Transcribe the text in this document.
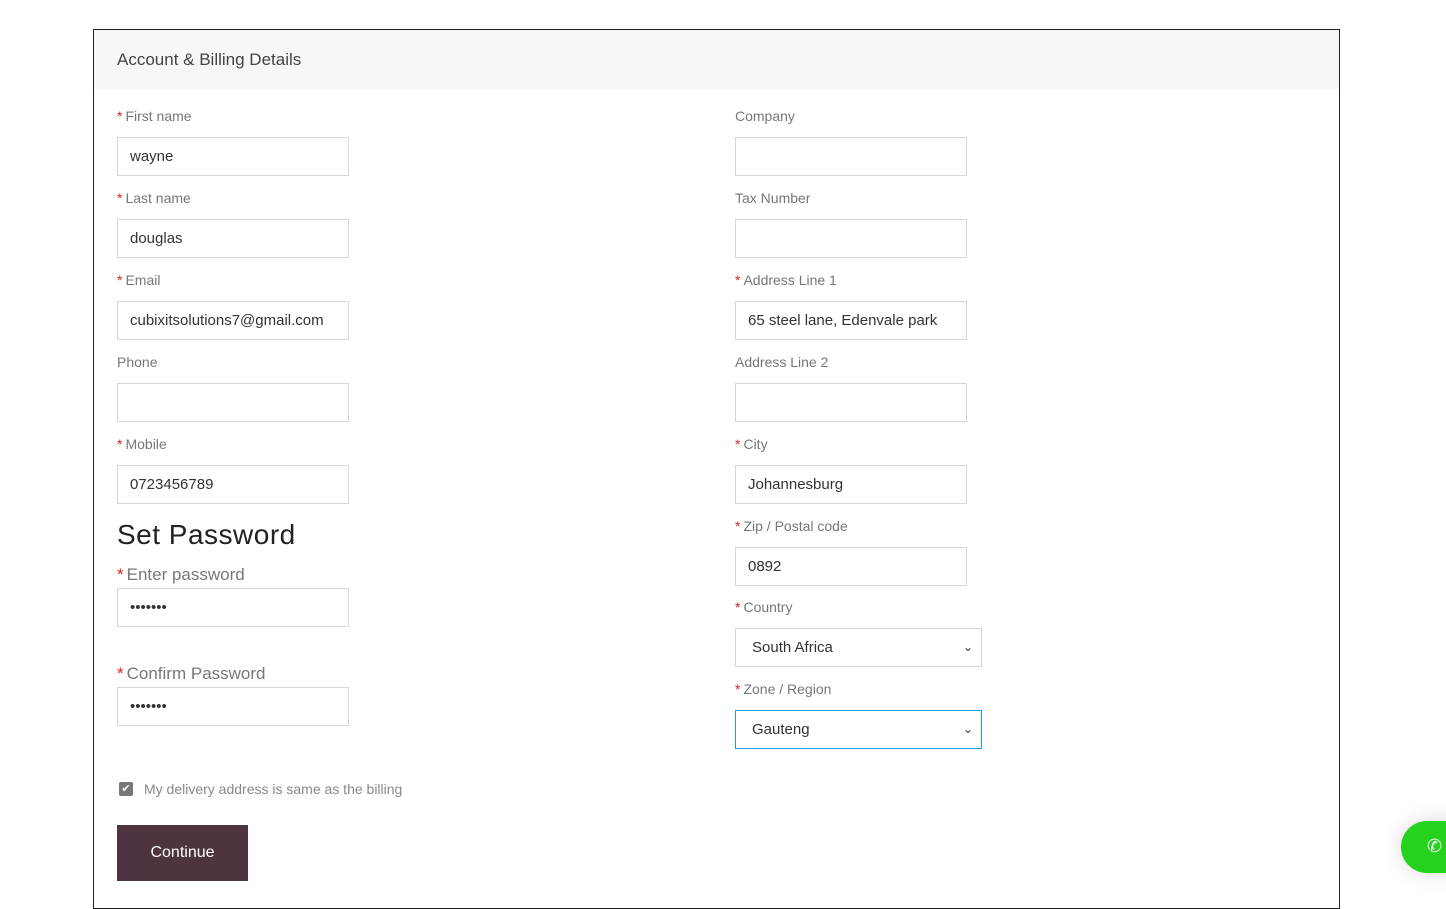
Account & Billing Details
* First name
wayne
* Last name
douglas
* Email
cubixitsolutions7@gmail.com
Phone
* Mobile
0723456789
Company
Tax Number
* Address Line 1
65 steel lane, Edenvale park
Address Line 2
* City
Johannesburg
* Zip / Postal code
0892
Set Password
* Enter password
•••••••
* Confirm Password
•••••••
* Country
South Africa	⌄
* Zone / Region
Gauteng	⌄
✔ My delivery address is same as the billing
Continue	✆
